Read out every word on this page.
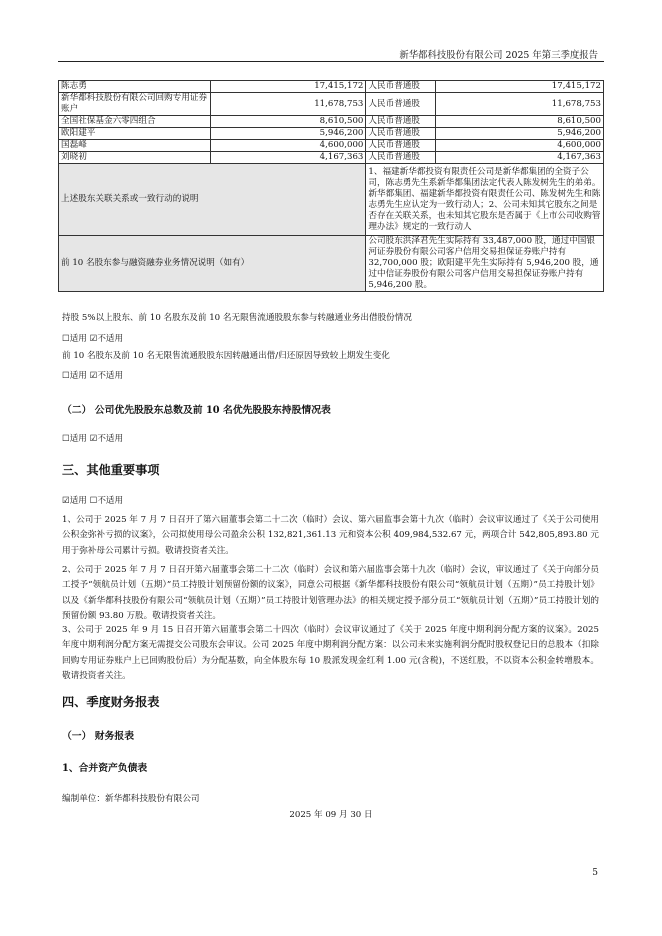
新华都科技股份有限公司 2025 年第三季度报告
陈志勇	17,415,172	人民币普通股	17,415,172
新华都科技股份有限公司回购专用证券账户	11,678,753	人民币普通股	11,678,753
全国社保基金六零四组合	8,610,500	人民币普通股	8,610,500
欧阳建平	5,946,200	人民币普通股	5,946,200
国磊峰	4,600,000	人民币普通股	4,600,000
刘晓初	4,167,363	人民币普通股	4,167,363
上述股东关联关系或一致行动的说明		1、福建新华都投资有限责任公司是新华都集团的全资子公司，陈志勇先生系新华都集团法定代表人陈发树先生的弟弟。新华都集团、福建新华都投资有限责任公司、陈发树先生和陈志勇先生应认定为一致行动人；2、公司未知其它股东之间是否存在关联关系，也未知其它股东是否属于《上市公司收购管理办法》规定的一致行动人	
前 10 名股东参与融资融券业务情况说明（如有）		公司股东洪泽君先生实际持有 33,487,000 股，通过中国银河证券股份有限公司客户信用交易担保证券账户持有 32,700,000 股；欧阳建平先生实际持有 5,946,200 股，通过中信证券股份有限公司客户信用交易担保证券账户持有 5,946,200 股。	
持股 5%以上股东、前 10 名股东及前 10 名无限售流通股股东参与转融通业务出借股份情况
☐适用 ☑不适用
前 10 名股东及前 10 名无限售流通股股东因转融通出借/归还原因导致较上期发生变化
☐适用 ☑不适用
（二） 公司优先股股东总数及前 10 名优先股股东持股情况表
☐适用 ☑不适用
三、其他重要事项
☑适用 ☐不适用
1、公司于 2025 年 7 月 7 日召开了第六届董事会第二十二次（临时）会议、第六届监事会第十九次（临时）会议审议通过了《关于公司使用公积金弥补亏损的议案》，公司拟使用母公司盈余公积 132,821,361.13 元和资本公积 409,984,532.67 元，两项合计 542,805,893.80 元用于弥补母公司累计亏损。敬请投资者关注。
2、公司于 2025 年 7 月 7 日召开第六届董事会第二十二次（临时）会议和第六届监事会第十九次（临时）会议，审议通过了《关于向部分员工授予“领航员计划（五期）”员工持股计划预留份额的议案》，同意公司根据《新华都科技股份有限公司“领航员计划（五期）”员工持股计划》以及《新华都科技股份有限公司“领航员计划（五期）”员工持股计划管理办法》的相关规定授予部分员工“领航员计划（五期）”员工持股计划的预留份额 93.80 万股。敬请投资者关注。
3、公司于 2025 年 9 月 15 日召开第六届董事会第二十四次（临时）会议审议通过了《关于 2025 年度中期利润分配方案的议案》。2025 年度中期利润分配方案无需提交公司股东会审议。公司 2025 年度中期利润分配方案：以公司未来实施利润分配时股权登记日的总股本（扣除回购专用证券账户上已回购股份后）为分配基数，向全体股东每 10 股派发现金红利 1.00 元(含税)，不送红股，不以资本公积金转增股本。敬请投资者关注。
四、季度财务报表
（一） 财务报表
1、合并资产负债表
编制单位：新华都科技股份有限公司
2025 年 09 月 30 日
5
